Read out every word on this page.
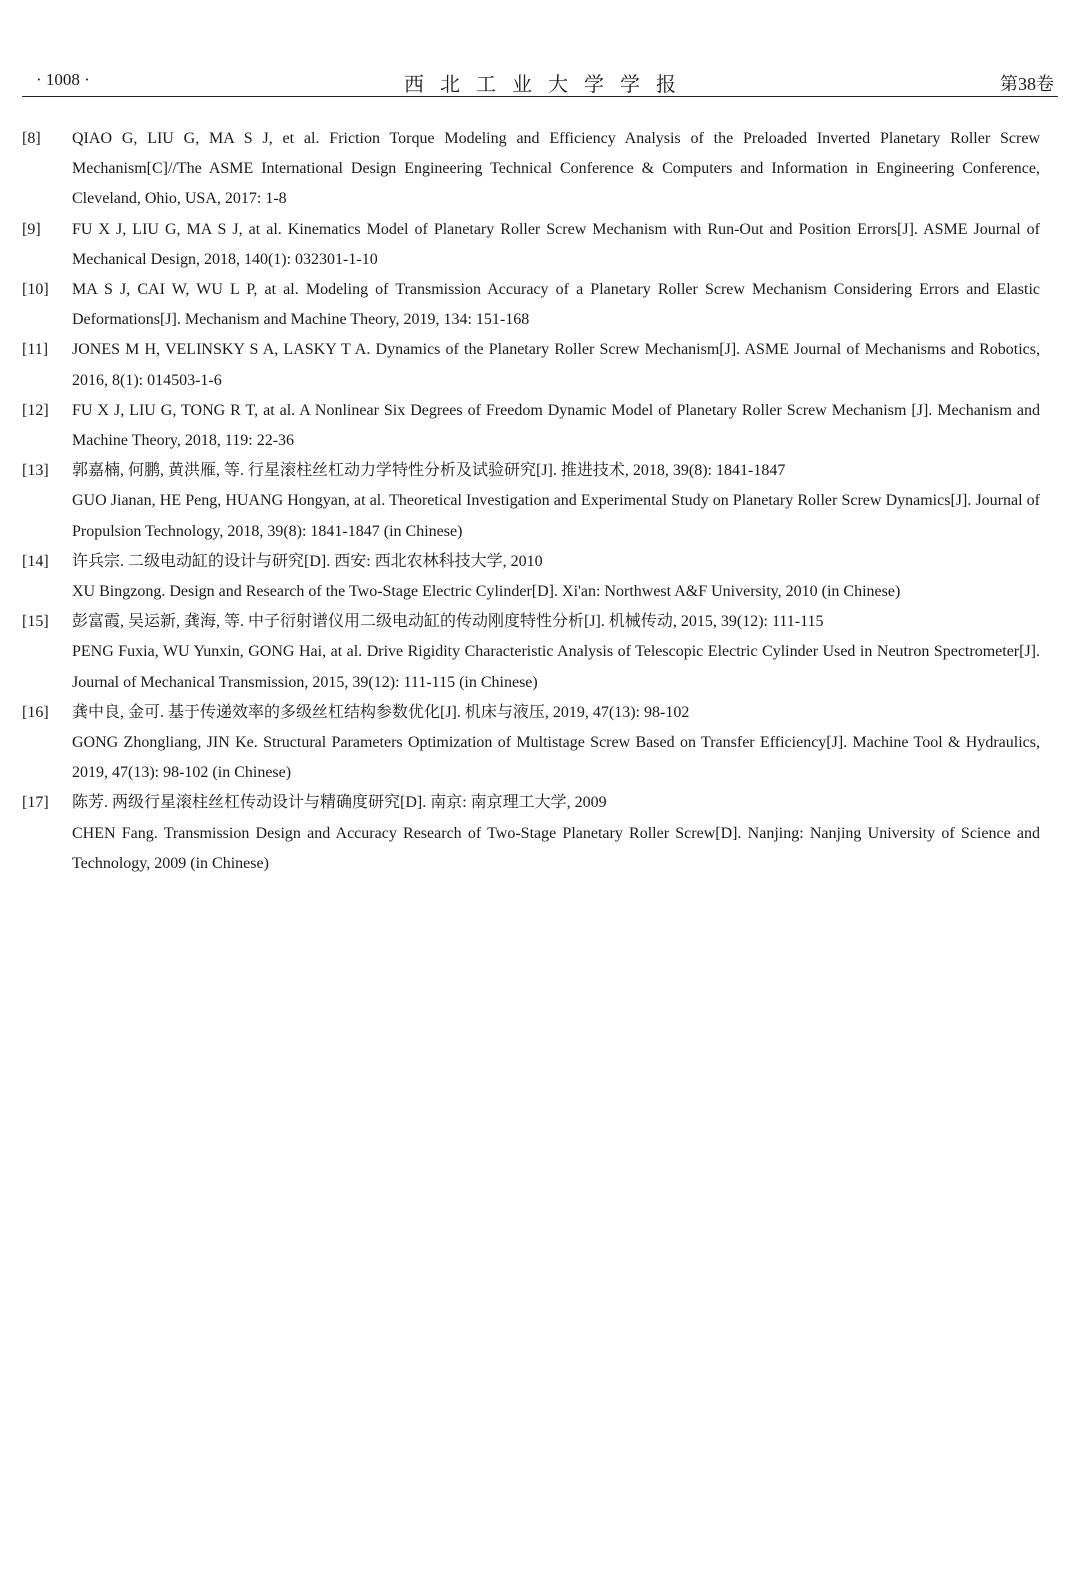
· 1008 ·	西北工业大学学报	第38卷
[8]	QIAO G, LIU G, MA S J, et al. Friction Torque Modeling and Efficiency Analysis of the Preloaded Inverted Planetary Roller Screw Mechanism[C]//The ASME International Design Engineering Technical Conference & Computers and Information in Engineering Conference, Cleveland, Ohio, USA, 2017: 1-8
[9]	FU X J, LIU G, MA S J, at al. Kinematics Model of Planetary Roller Screw Mechanism with Run-Out and Position Errors[J]. ASME Journal of Mechanical Design, 2018, 140(1): 032301-1-10
[10]	MA S J, CAI W, WU L P, at al. Modeling of Transmission Accuracy of a Planetary Roller Screw Mechanism Considering Errors and Elastic Deformations[J]. Mechanism and Machine Theory, 2019, 134: 151-168
[11]	JONES M H, VELINSKY S A, LASKY T A. Dynamics of the Planetary Roller Screw Mechanism[J]. ASME Journal of Mechanisms and Robotics, 2016, 8(1): 014503-1-6
[12]	FU X J, LIU G, TONG R T, at al. A Nonlinear Six Degrees of Freedom Dynamic Model of Planetary Roller Screw Mechanism [J]. Mechanism and Machine Theory, 2018, 119: 22-36
[13]	郭嘉楠, 何鹏, 黄洪雁, 等. 行星滚柱丝杠动力学特性分析及试验研究[J]. 推进技术, 2018, 39(8): 1841-1847
GUO Jianan, HE Peng, HUANG Hongyan, at al. Theoretical Investigation and Experimental Study on Planetary Roller Screw Dynamics[J]. Journal of Propulsion Technology, 2018, 39(8): 1841-1847 (in Chinese)
[14]	许兵宗. 二级电动缸的设计与研究[D]. 西安: 西北农林科技大学, 2010
XU Bingzong. Design and Research of the Two-Stage Electric Cylinder[D]. Xi'an: Northwest A&F University, 2010 (in Chinese)
[15]	彭富霞, 吴运新, 龚海, 等. 中子衍射谱仪用二级电动缸的传动刚度特性分析[J]. 机械传动, 2015, 39(12): 111-115
PENG Fuxia, WU Yunxin, GONG Hai, at al. Drive Rigidity Characteristic Analysis of Telescopic Electric Cylinder Used in Neutron Spectrometer[J]. Journal of Mechanical Transmission, 2015, 39(12): 111-115 (in Chinese)
[16]	龚中良, 金可. 基于传递效率的多级丝杠结构参数优化[J]. 机床与液压, 2019, 47(13): 98-102
GONG Zhongliang, JIN Ke. Structural Parameters Optimization of Multistage Screw Based on Transfer Efficiency[J]. Machine Tool & Hydraulics, 2019, 47(13): 98-102 (in Chinese)
[17]	陈芳. 两级行星滚柱丝杠传动设计与精确度研究[D]. 南京: 南京理工大学, 2009
CHEN Fang. Transmission Design and Accuracy Research of Two-Stage Planetary Roller Screw[D]. Nanjing: Nanjing University of Science and Technology, 2009 (in Chinese)
